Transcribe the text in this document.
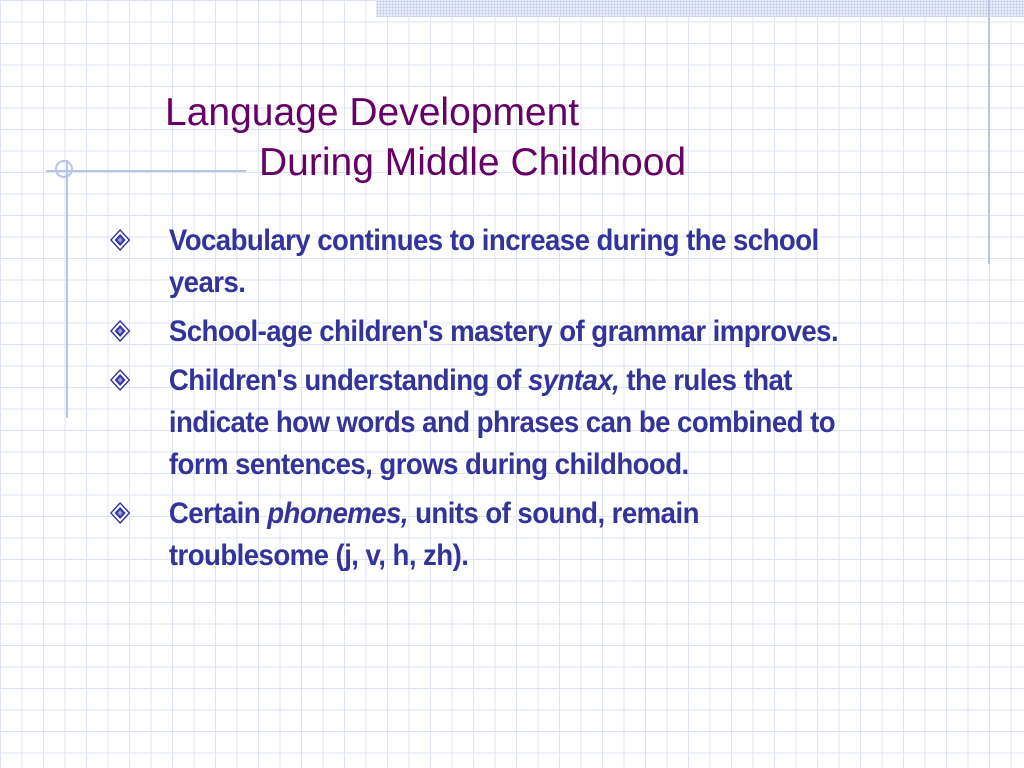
Language Development
During Middle Childhood
Vocabulary continues to increase during the school years.
School-age children's mastery of grammar improves.
Children's understanding of syntax, the rules that indicate how words and phrases can be combined to form sentences, grows during childhood.
Certain phonemes, units of sound, remain troublesome (j, v, h, zh).
